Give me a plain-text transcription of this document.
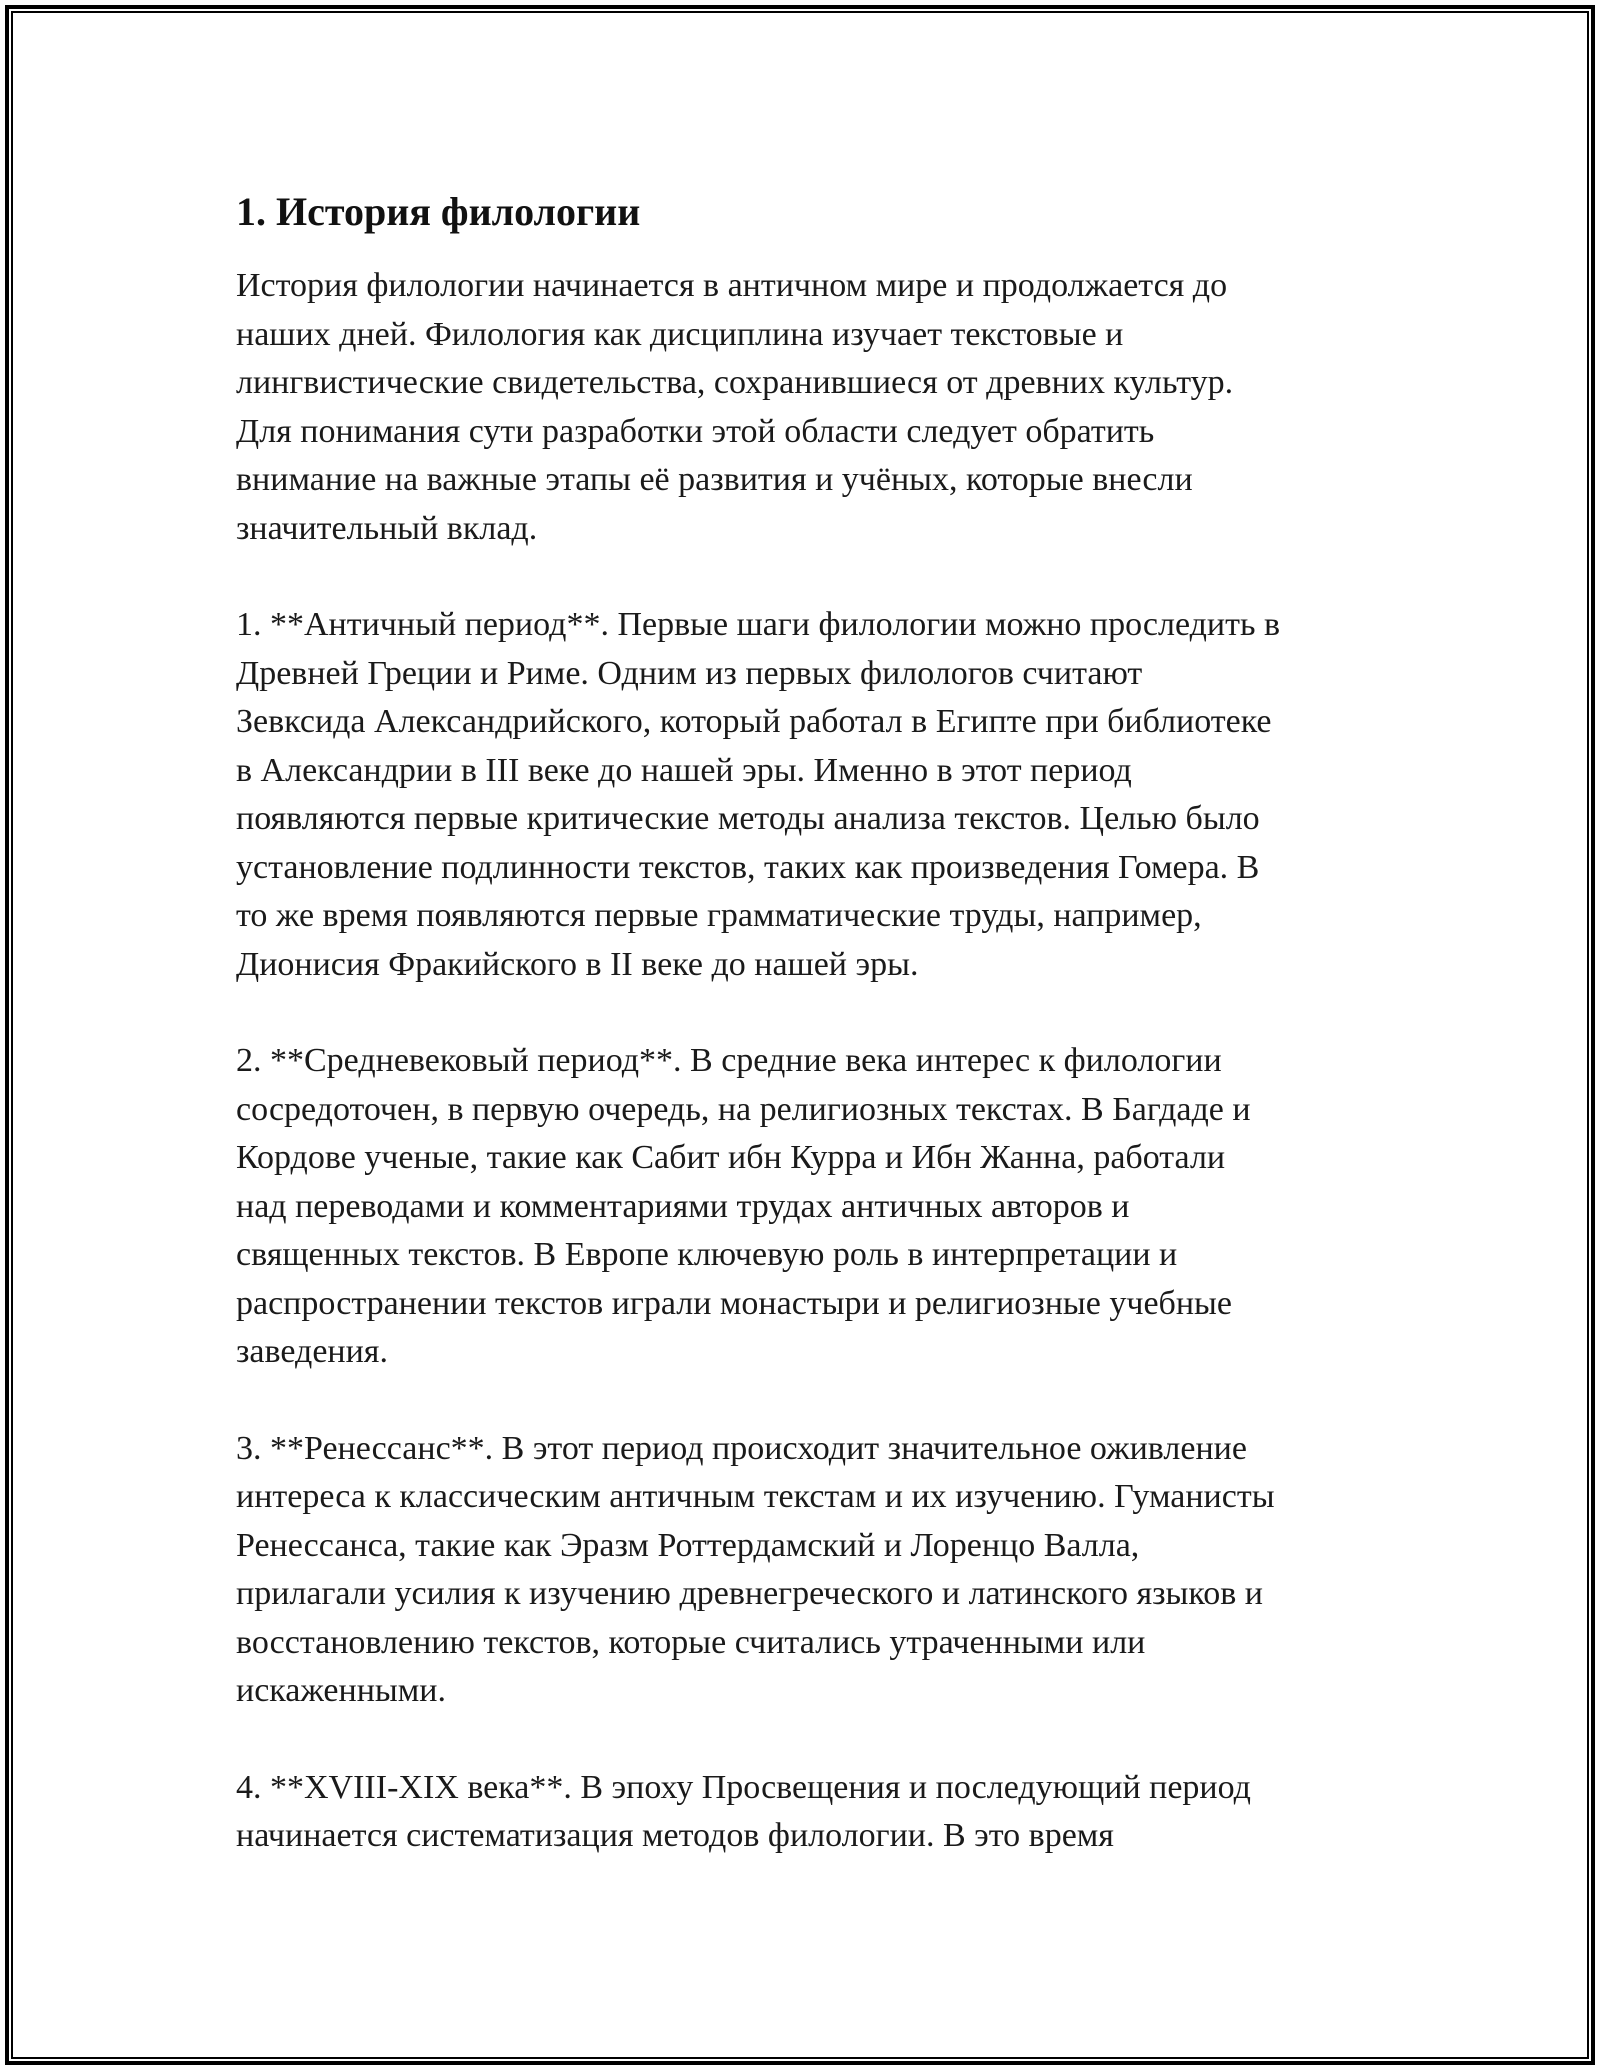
1. История филологии

История филологии начинается в античном мире и продолжается до
наших дней. Филология как дисциплина изучает текстовые и
лингвистические свидетельства, сохранившиеся от древних культур.
Для понимания сути разработки этой области следует обратить
внимание на важные этапы её развития и учёных, которые внесли
значительный вклад.

1. **Античный период**. Первые шаги филологии можно проследить в
Древней Греции и Риме. Одним из первых филологов считают
Зевксида Александрийского, который работал в Египте при библиотеке
в Александрии в III веке до нашей эры. Именно в этот период
появляются первые критические методы анализа текстов. Целью было
установление подлинности текстов, таких как произведения Гомера. В
то же время появляются первые грамматические труды, например,
Дионисия Фракийского в II веке до нашей эры.

2. **Средневековый период**. В средние века интерес к филологии
сосредоточен, в первую очередь, на религиозных текстах. В Багдаде и
Кордове ученые, такие как Сабит ибн Курра и Ибн Жанна, работали
над переводами и комментариями трудах античных авторов и
священных текстов. В Европе ключевую роль в интерпретации и
распространении текстов играли монастыри и религиозные учебные
заведения.

3. **Ренессанс**. В этот период происходит значительное оживление
интереса к классическим античным текстам и их изучению. Гуманисты
Ренессанса, такие как Эразм Роттердамский и Лоренцо Валла,
прилагали усилия к изучению древнегреческого и латинского языков и
восстановлению текстов, которые считались утраченными или
искаженными.

4. **XVIII-XIX века**. В эпоху Просвещения и последующий период
начинается систематизация методов филологии. В это время
